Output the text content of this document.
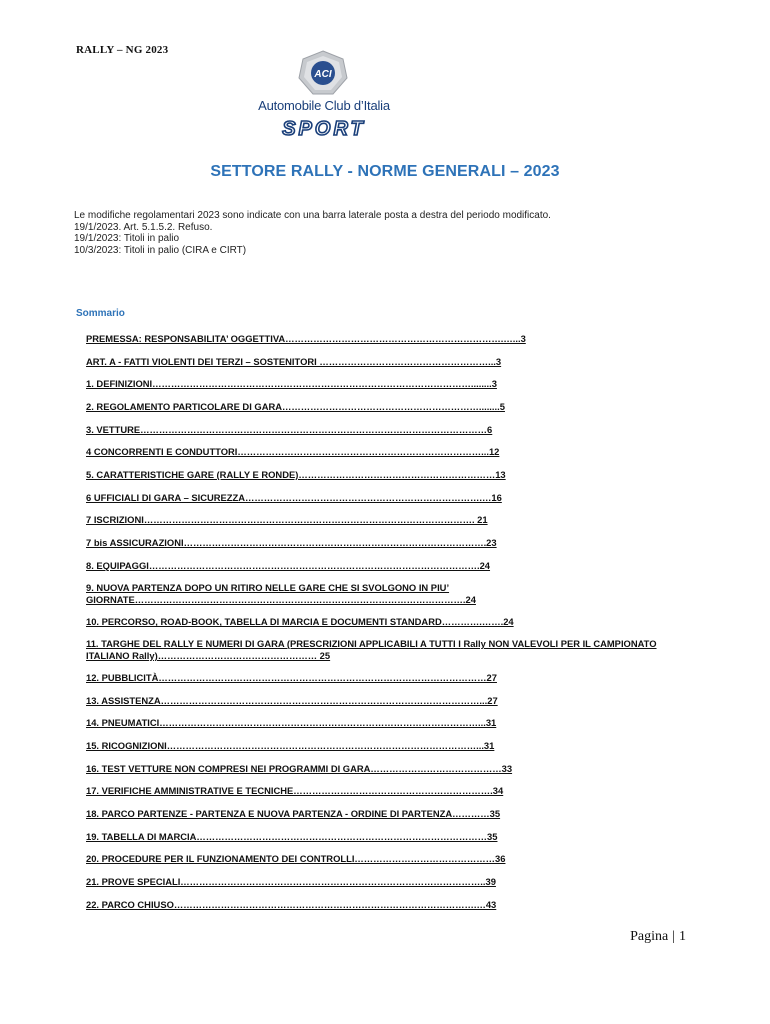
RALLY – NG 2023
ACI
Automobile Club d’Italia
SPORT
SETTORE RALLY - NORME GENERALI – 2023
Le modifiche regolamentari 2023 sono indicate con una barra laterale posta a destra del periodo modificato.
19/1/2023. Art. 5.1.5.2. Refuso.
19/1/2023: Titoli in palio
10/3/2023: Titoli in palio (CIRA e CIRT)
Sommario
PREMESSA: RESPONSABILITA’ OGGETTIVA…………………………………………………………….…...3
ART. A - FATTI VIOLENTI DEI TERZI – SOSTENITORI ………………………………………………...3
1. DEFINIZIONI…………………………………………………………………………………………........3
2. REGOLAMENTO PARTICOLARE DI GARA………………………………………………………........5
3. VETTURE…………………………………………………………………………………………………6
4 CONCORRENTI E CONDUTTORI……………………………………………………………………...12
5. CARATTERISTICHE GARE (RALLY E RONDE)………………………………………………………13
6 UFFICIALI DI GARA – SICUREZZA………………………………………………………………….…16
7 ISCRIZIONI……………………………………………………………………………………………. 21
7 bis ASSICURAZIONI…………………………………………………………………………………….23
8. EQUIPAGGI…………………………………………………………………………………………….24
9. NUOVA PARTENZA DOPO UN RITIRO NELLE GARE CHE SI SVOLGONO IN PIU’ GIORNATE…………………………………………………………………………………………….24
10. PERCORSO, ROAD-BOOK, TABELLA DI MARCIA E DOCUMENTI STANDARD………….…….24
11. TARGHE DEL RALLY E NUMERI DI GARA (PRESCRIZIONI APPLICABILI A TUTTI I Rally NON VALEVOLI PER IL CAMPIONATO ITALIANO Rally)…………………………………………… 25
12. PUBBLICITÀ……………………………………………………………………………………………27
13. ASSISTENZA…………………………………………………………………………………………...27
14. PNEUMATICI…………………………………………………………………………………………...31
15. RICOGNIZIONI………………………………………………………………………………………...31
16. TEST VETTURE NON COMPRESI NEI PROGRAMMI DI GARA……………………………………33
17. VERIFICHE AMMINISTRATIVE E TECNICHE……………………………………………………….34
18. PARCO PARTENZE - PARTENZA E NUOVA PARTENZA - ORDINE DI PARTENZA…………35
19. TABELLA DI MARCIA…………………………………………………………………………………35
20. PROCEDURE PER IL FUNZIONAMENTO DEI CONTROLLI………………………………………36
21. PROVE SPECIALI……………………………………………………………………………………..39
22. PARCO CHIUSO…………………………………………………………………………………….…43
Pagina | 1
